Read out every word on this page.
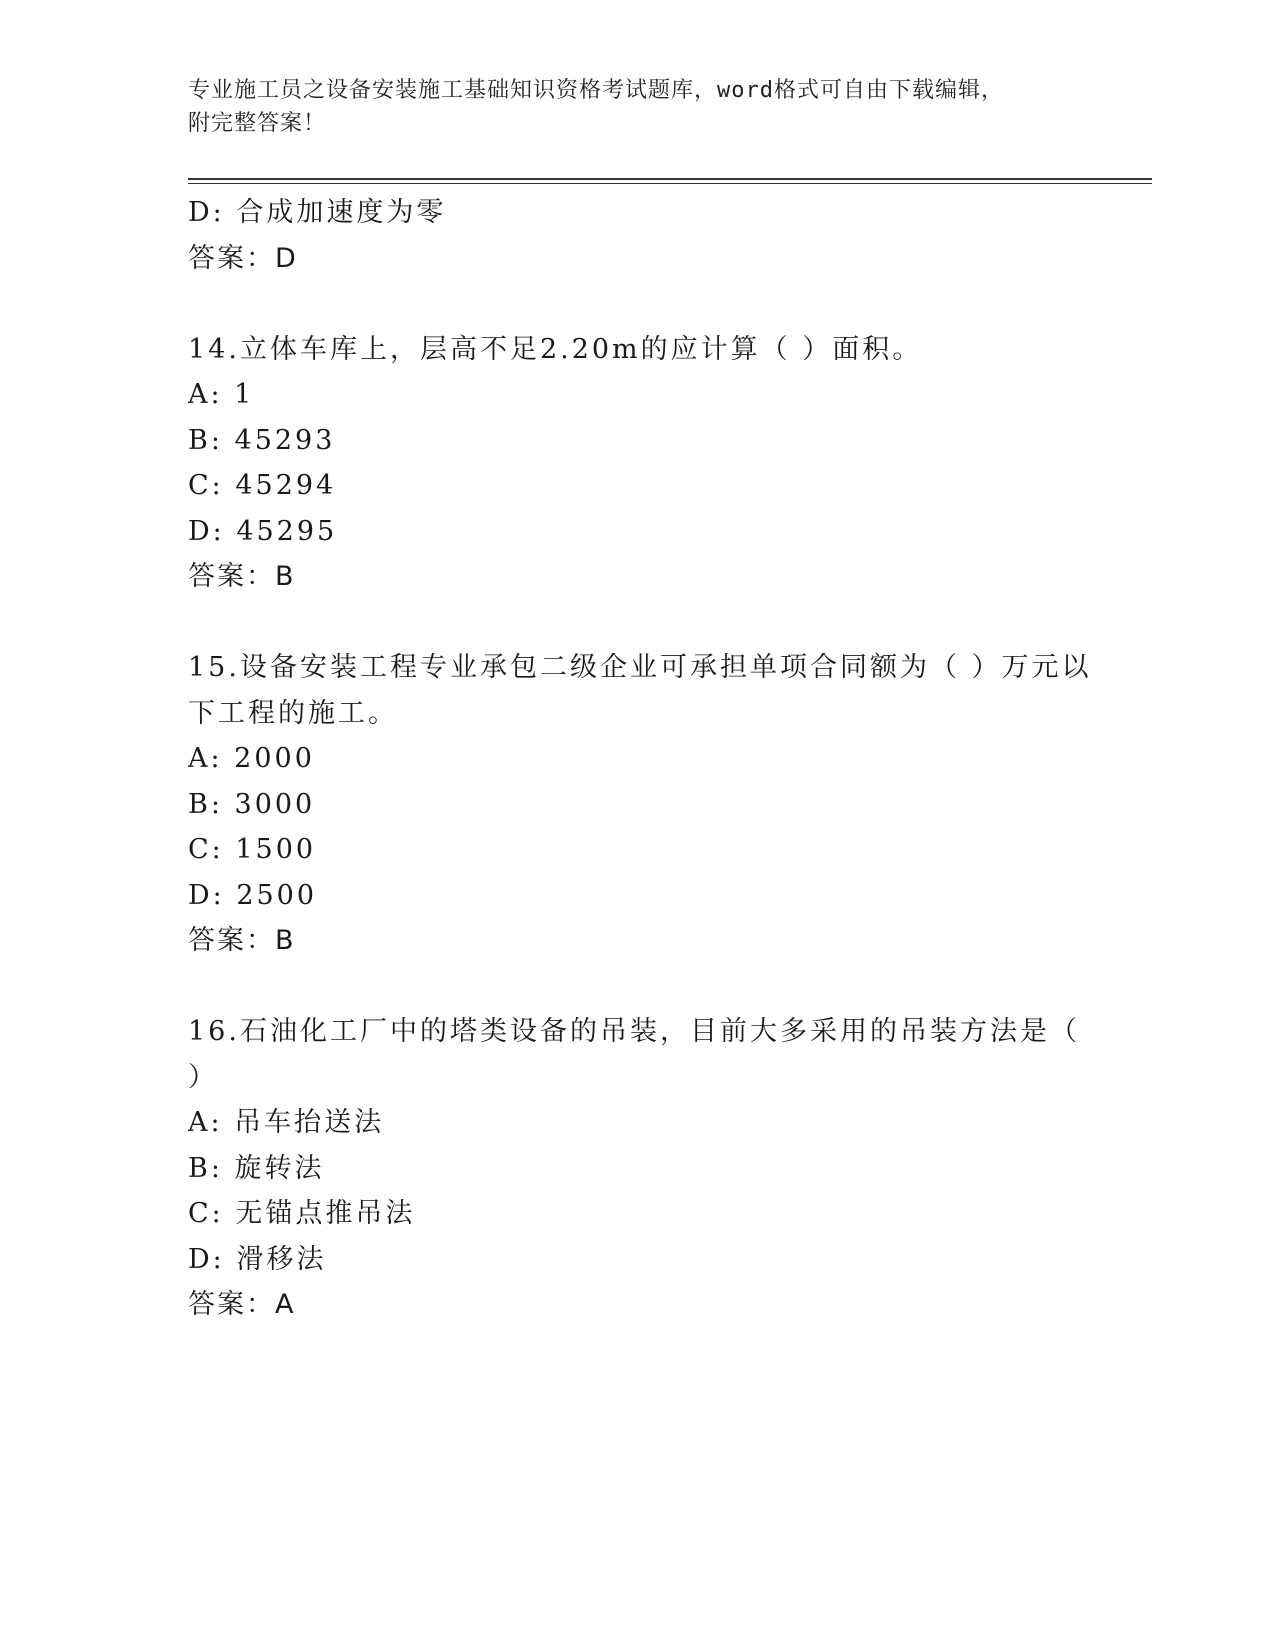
专业施工员之设备安装施工基础知识资格考试题库，word格式可自由下载编辑，
附完整答案！
D: 合成加速度为零
答案：D
14.立体车库上，层高不足2.20m的应计算（ ）面积。
A: 1
B: 45293
C: 45294
D: 45295
答案：B
15.设备安装工程专业承包二级企业可承担单项合同额为（ ）万元以
下工程的施工。
A: 2000
B: 3000
C: 1500
D: 2500
答案：B
16.石油化工厂中的塔类设备的吊装，目前大多采用的吊装方法是（
）
A: 吊车抬送法
B: 旋转法
C: 无锚点推吊法
D: 滑移法
答案：A
